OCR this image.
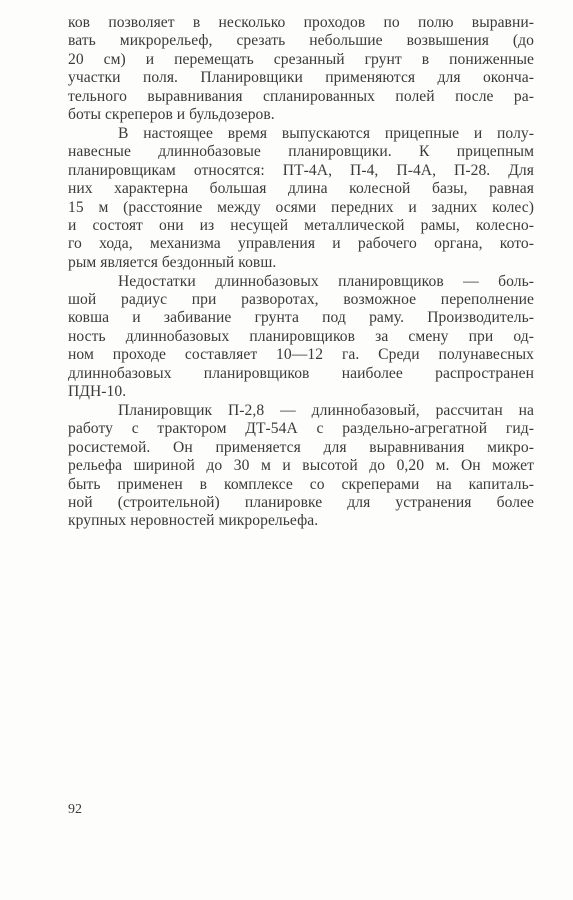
ков позволяет в несколько проходов по полю выравни-
вать микрорельеф, срезать небольшие возвышения (до
20 см) и перемещать срезанный грунт в пониженные
участки поля. Планировщики применяются для оконча-
тельного выравнивания спланированных полей после ра-
боты скреперов и бульдозеров.
В настоящее время выпускаются прицепные и полу-
навесные длиннобазовые планировщики. К прицепным
планировщикам относятся: ПТ-4А, П-4, П-4А, П-28. Для
них характерна большая длина колесной базы, равная
15 м (расстояние между осями передних и задних колес)
и состоят они из несущей металлической рамы, колесно-
го хода, механизма управления и рабочего органа, кото-
рым является бездонный ковш.
Недостатки длиннобазовых планировщиков — боль-
шой радиус при разворотах, возможное переполнение
ковша и забивание грунта под раму. Производитель-
ность длиннобазовых планировщиков за смену при од-
ном проходе составляет 10—12 га. Среди полунавесных
длиннобазовых планировщиков наиболее распространен
ПДН-10.
Планировщик П-2,8 — длиннобазовый, рассчитан на
работу с трактором ДТ-54А с раздельно-агрегатной гид-
росистемой. Он применяется для выравнивания микро-
рельефа шириной до 30 м и высотой до 0,20 м. Он может
быть применен в комплексе со скреперами на капиталь-
ной (строительной) планировке для устранения более
крупных неровностей микрорельефа.
92
